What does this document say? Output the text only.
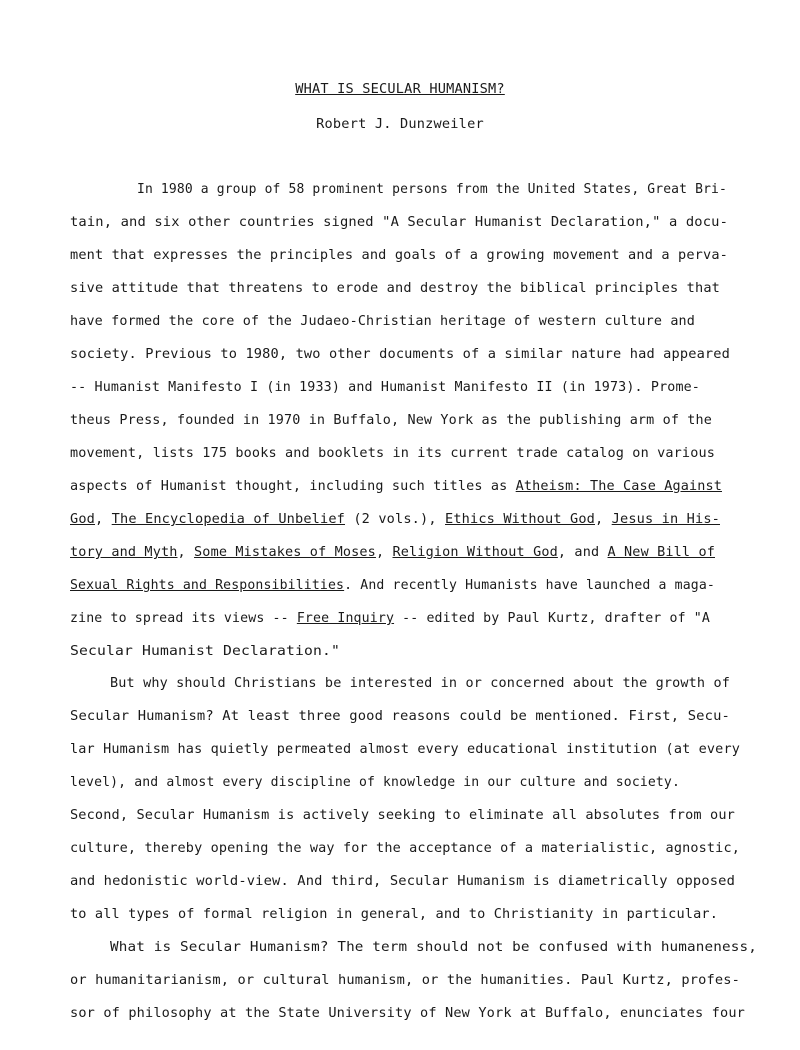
WHAT IS SECULAR HUMANISM?
Robert J. Dunzweiler
In 1980 a group of 58 prominent persons from the United States, Great Bri-
tain, and six other countries signed "A Secular Humanist Declaration," a docu-
ment that expresses the principles and goals of a growing movement and a perva-
sive attitude that threatens to erode and destroy the biblical principles that
have formed the core of the Judaeo-Christian heritage of western culture and
society. Previous to 1980, two other documents of a similar nature had appeared
-- Humanist Manifesto I (in 1933) and Humanist Manifesto II (in 1973). Prome-
theus Press, founded in 1970 in Buffalo, New York as the publishing arm of the
movement, lists 175 books and booklets in its current trade catalog on various
aspects of Humanist thought, including such titles as Atheism: The Case Against
God, The Encyclopedia of Unbelief (2 vols.), Ethics Without God, Jesus in His-
tory and Myth, Some Mistakes of Moses, Religion Without God, and A New Bill of
Sexual Rights and Responsibilities. And recently Humanists have launched a maga-
zine to spread its views -- Free Inquiry -- edited by Paul Kurtz, drafter of "A
Secular Humanist Declaration."
But why should Christians be interested in or concerned about the growth of
Secular Humanism? At least three good reasons could be mentioned. First, Secu-
lar Humanism has quietly permeated almost every educational institution (at every
level), and almost every discipline of knowledge in our culture and society.
Second, Secular Humanism is actively seeking to eliminate all absolutes from our
culture, thereby opening the way for the acceptance of a materialistic, agnostic,
and hedonistic world-view. And third, Secular Humanism is diametrically opposed
to all types of formal religion in general, and to Christianity in particular.
What is Secular Humanism? The term should not be confused with humaneness,
or humanitarianism, or cultural humanism, or the humanities. Paul Kurtz, profes-
sor of philosophy at the State University of New York at Buffalo, enunciates four
